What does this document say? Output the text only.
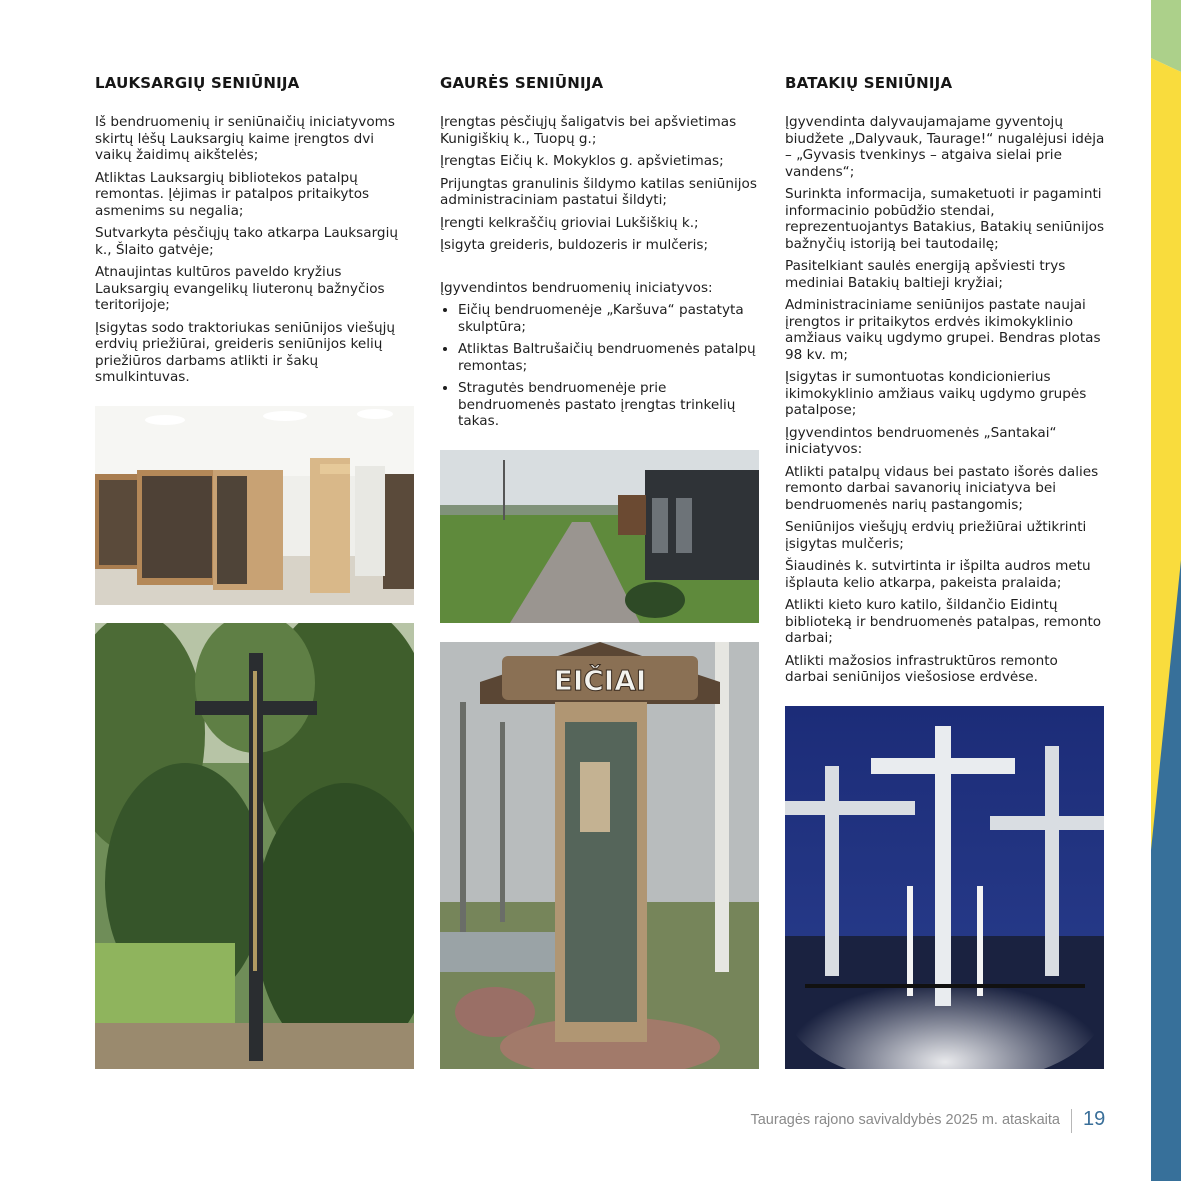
LAUKSARGIŲ SENIŪNIJA

Iš bendruomenių ir seniūnaičių iniciatyvoms skirtų lėšų Lauksargių kaime įrengtos dvi vaikų žaidimų aikštelės;

Atliktas Lauksargių bibliotekos patalpų remontas. Įėjimas ir patalpos pritaikytos asmenims su negalia;

Sutvarkyta pėsčiųjų tako atkarpa Lauksargių k., Šlaito gatvėje;

Atnaujintas kultūros paveldo kryžius Lauksargių evangelikų liuteronų bažnyčios teritorijoje;

Įsigytas sodo traktoriukas seniūnijos viešųjų erdvių priežiūrai, greideris seniūnijos kelių priežiūros darbams atlikti ir šakų smulkintuvas.

GAURĖS SENIŪNIJA

Įrengtas pėsčiųjų šaligatvis bei apšvietimas Kunigiškių k., Tuopų g.;

Įrengtas Eičių k. Mokyklos g. apšvietimas;

Prijungtas granulinis šildymo katilas seniūnijos administraciniam pastatui šildyti;

Įrengti kelkraščių grioviai Lukšiškių k.;

Įsigyta greideris, buldozeris ir mulčeris;

Įgyvendintos bendruomenių iniciatyvos:

• Eičių bendruomenėje „Karšuva“ pastatyta skulptūra;
• Atliktas Baltrušaičių bendruomenės patalpų remontas;
• Stragutės bendruomenėje prie bendruomenės pastato įrengtas trinkelių takas.
BATAKIŲ SENIŪNIJA

Įgyvendinta dalyvaujamajame gyventojų biudžete „Dalyvauk, Taurage!“ nugalėjusi idėja – „Gyvasis tvenkinys – atgaiva sielai prie vandens“;

Surinkta informacija, sumaketuoti ir pagaminti informacinio pobūdžio stendai, reprezentuojantys Batakius, Batakių seniūnijos bažnyčių istoriją bei tautodailę;

Pasitelkiant saulės energiją apšviesti trys mediniai Batakių baltieji kryžiai;

Administraciniame seniūnijos pastate naujai įrengtos ir pritaikytos erdvės ikimokyklinio amžiaus vaikų ugdymo grupei. Bendras plotas 98 kv. m;

Įsigytas ir sumontuotas kondicionierius ikimokyklinio amžiaus vaikų ugdymo grupės patalpose;

Įgyvendintos bendruomenės „Santakai“ iniciatyvos:

Atlikti patalpų vidaus bei pastato išorės dalies remonto darbai savanorių iniciatyva bei bendruomenės narių pastangomis;

Seniūnijos viešųjų erdvių priežiūrai užtikrinti įsigytas mulčeris;

Šiaudinės k. sutvirtinta ir išpilta audros metu išplauta kelio atkarpa, pakeista pralaida;

Atlikti kieto kuro katilo, šildančio Eidintų biblioteką ir bendruomenės patalpas, remonto darbai;

Atlikti mažosios infrastruktūros remonto darbai seniūnijos viešosiose erdvėse.

EIČIAI
Tauragės rajono savivaldybės 2025 m. ataskaita 19
